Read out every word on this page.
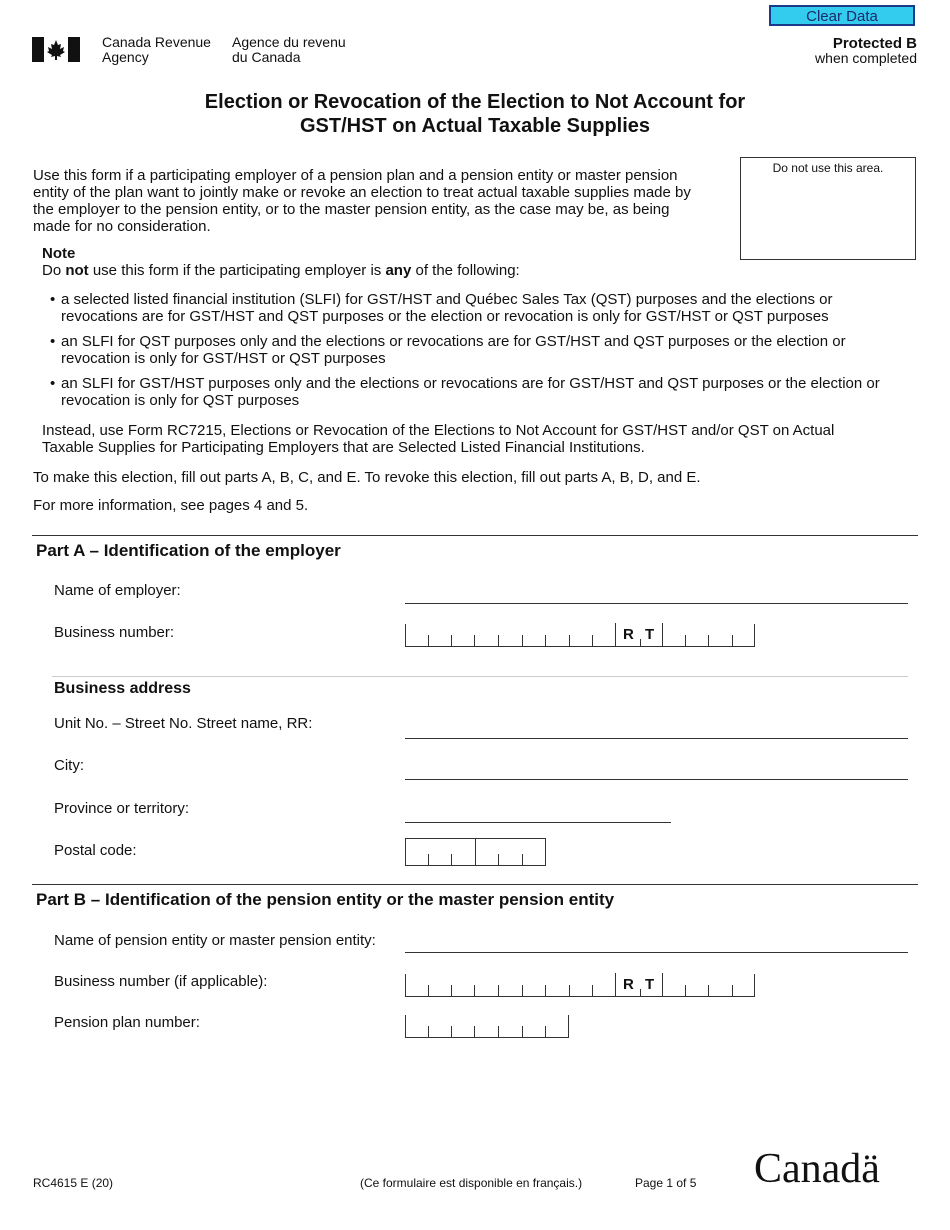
Clear Data
Canada Revenue
Agency
Agence du revenu
du Canada
Protected B
when completed
Election or Revocation of the Election to Not Account for
GST/HST on Actual Taxable Supplies
Do not use this area.
Use this form if a participating employer of a pension plan and a pension entity or master pension
entity of the plan want to jointly make or revoke an election to treat actual taxable supplies made by
the employer to the pension entity, or to the master pension entity, as the case may be, as being
made for no consideration.
Note
Do not use this form if the participating employer is any of the following:
• a selected listed financial institution (SLFI) for GST/HST and Québec Sales Tax (QST) purposes and the elections or
revocations are for GST/HST and QST purposes or the election or revocation is only for GST/HST or QST purposes
• an SLFI for QST purposes only and the elections or revocations are for GST/HST and QST purposes or the election or
revocation is only for GST/HST or QST purposes
• an SLFI for GST/HST purposes only and the elections or revocations are for GST/HST and QST purposes or the election or
revocation is only for QST purposes
Instead, use Form RC7215, Elections or Revocation of the Elections to Not Account for GST/HST and/or QST on Actual
Taxable Supplies for Participating Employers that are Selected Listed Financial Institutions.
To make this election, fill out parts A, B, C, and E. To revoke this election, fill out parts A, B, D, and E.
For more information, see pages 4 and 5.
Part A – Identification of the employer
Name of employer:
Business number:	R T
Business address
Unit No. – Street No. Street name, RR:
City:
Province or territory:
Postal code:
Part B – Identification of the pension entity or the master pension entity
Name of pension entity or master pension entity:
Business number (if applicable):	R T
Pension plan number:
RC4615 E (20)	(Ce formulaire est disponible en français.)	Page 1 of 5 Canadä
